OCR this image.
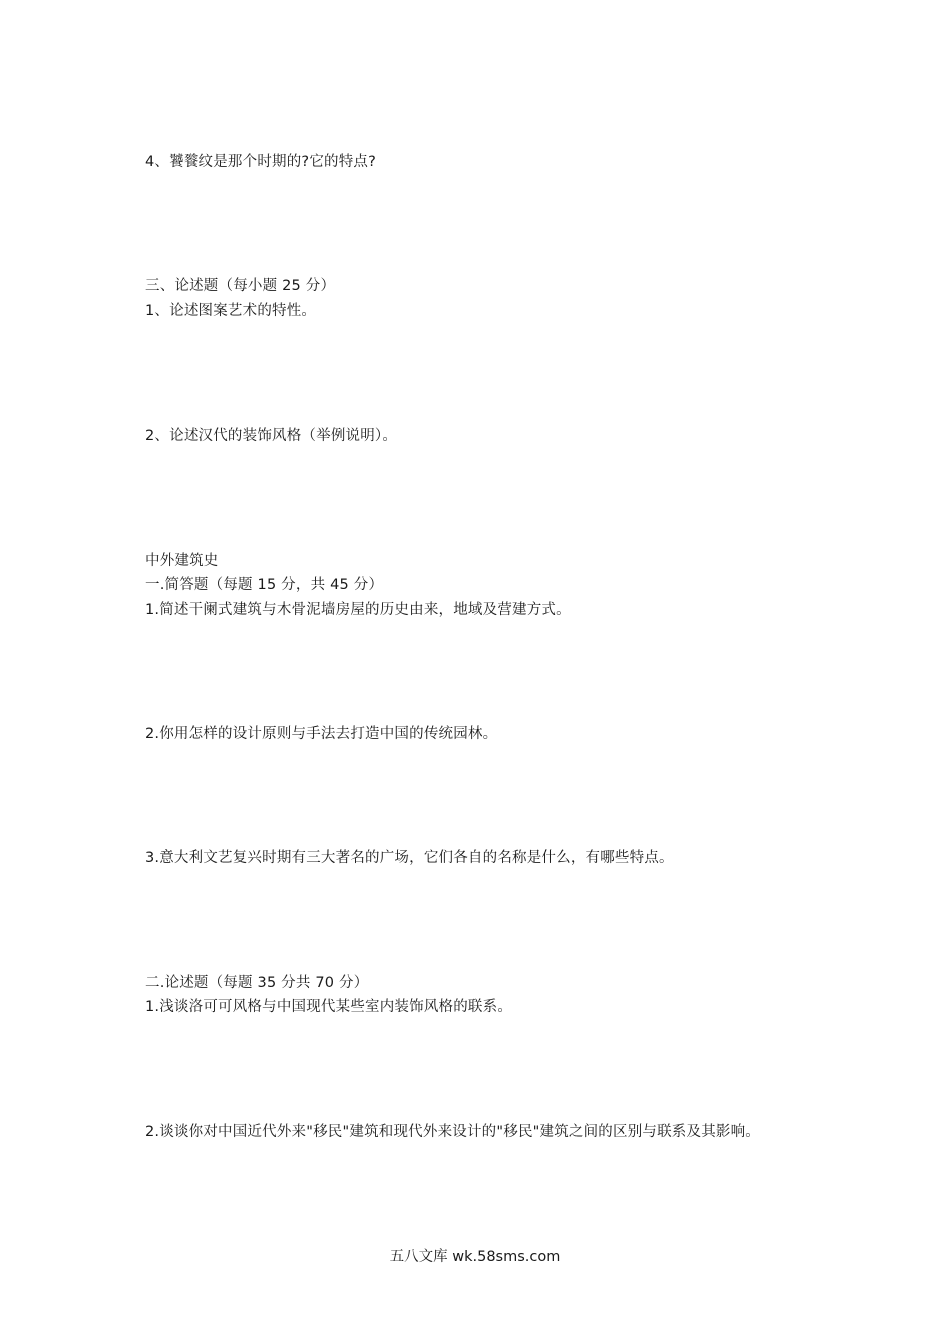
4、饕餮纹是那个时期的?它的特点?
三、论述题（每小题 25 分）
1、论述图案艺术的特性。
2、论述汉代的装饰风格（举例说明）。
中外建筑史
一.简答题（每题 15 分，共 45 分）
1.简述干阑式建筑与木骨泥墙房屋的历史由来，地域及营建方式。
2.你用怎样的设计原则与手法去打造中国的传统园林。
3.意大利文艺复兴时期有三大著名的广场，它们各自的名称是什么，有哪些特点。
二.论述题（每题 35 分共 70 分）
1.浅谈洛可可风格与中国现代某些室内装饰风格的联系。
2.谈谈你对中国近代外来"移民"建筑和现代外来设计的"移民"建筑之间的区别与联系及其影响。
五八文库 wk.58sms.com
